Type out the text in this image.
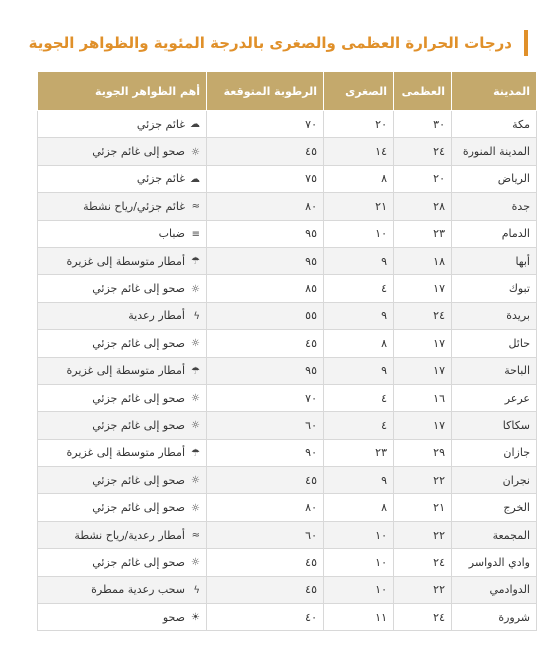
درجات الحرارة العظمى والصغرى بالدرجة المئوية والظواهر الجوية
المدينة	العظمى	الصغرى	الرطوبة المتوقعة	أهم الظواهر الجوية
مكة	٣٠	٢٠	٧٠	☁غائم جزئي
المدينة المنورة	٢٤	١٤	٤٥	☼صحو إلى غائم جزئي
الرياض	٢٠	٨	٧٥	☁غائم جزئي
جدة	٢٨	٢١	٨٠	≈غائم جزئي/رياح نشطة
الدمام	٢٣	١٠	٩٥	≡ضباب
أبها	١٨	٩	٩٥	☂أمطار متوسطة إلى غزيرة
تبوك	١٧	٤	٨٥	☼صحو إلى غائم جزئي
بريدة	٢٤	٩	٥٥	ϟأمطار رعدية
حائل	١٧	٨	٤٥	☼صحو إلى غائم جزئي
الباحة	١٧	٩	٩٥	☂أمطار متوسطة إلى غزيرة
عرعر	١٦	٤	٧٠	☼صحو إلى غائم جزئي
سكاكا	١٧	٤	٦٠	☼صحو إلى غائم جزئي
جازان	٢٩	٢٣	٩٠	☂أمطار متوسطة إلى غزيرة
نجران	٢٢	٩	٤٥	☼صحو إلى غائم جزئي
الخرج	٢١	٨	٨٠	☼صحو إلى غائم جزئي
المجمعة	٢٢	١٠	٦٠	≈أمطار رعدية/رياح نشطة
وادي الدواسر	٢٤	١٠	٤٥	☼صحو إلى غائم جزئي
الدوادمي	٢٢	١٠	٤٥	ϟسحب رعدية ممطرة
شرورة	٢٤	١١	٤٠	☀صحو
